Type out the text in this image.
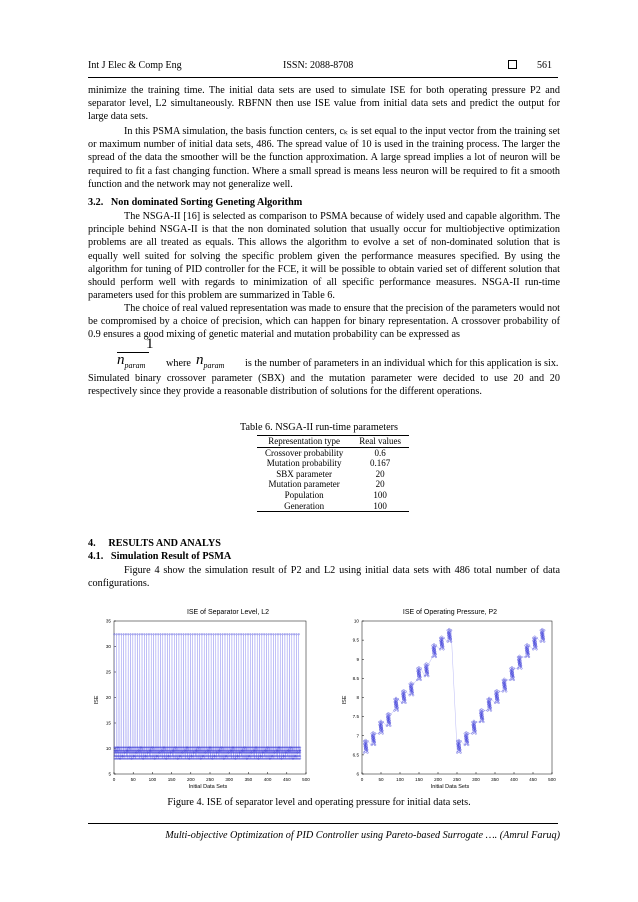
Int J Elec & Comp Eng	ISSN: 2088-8708	561

minimize the training time. The initial data sets are used to simulate ISE for both operating pressure P2 and separator level, L2 simultaneously. RBFNN then use ISE value from initial data sets and predict the output for large data sets.

In this PSMA simulation, the basis function centers, cₖ is set equal to the input vector from the training set or maximum number of initial data sets, 486. The spread value of 10 is used in the training process. The larger the spread of the data the smoother will be the function approximation. A large spread implies a lot of neuron will be required to fit a fast changing function. Where a small spread is means less neuron will be required to fit a smooth function and the network may not generalize well.

3.2.   Non dominated Sorting Geneting Algorithm

The NSGA-II [16] is selected as comparison to PSMA because of widely used and capable algorithm. The principle behind NSGA-II is that the non dominated solution that usually occur for multiobjective optimization problems are all treated as equals. This allows the algorithm to evolve a set of non-dominated solution that is equally well suited for solving the specific problem given the performance measures specified. By using the algorithm for tuning of PID controller for the FCE, it will be possible to obtain varied set of different solution that should perform well with regards to minimization of all specific performance measures. NSGA-II run-time parameters used for this problem are summarized in Table 6.

The choice of real valued representation was made to ensure that the precision of the parameters would not be compromised by a choice of precision, which can happen for binary representation. A crossover probability of 0.9 ensures a good mixing of genetic material and mutation probability can be expressed as

1
$n_{param}$ where $n_{param}$ is the number of parameters in an individual which for this application is six.

Simulated binary crossover parameter (SBX) and the mutation parameter were decided to use 20 and 20 respectively since they provide a reasonable distribution of solutions for the different operations.

Table 6. NSGA-II run-time parameters
Representation type	Real values
Crossover probability	0.6
Mutation probability	0.167
SBX parameter	20
Mutation parameter	20
Population	100
Generation	100

4.     RESULTS AND ANALYS

4.1.   Simulation Result of PSMA

Figure 4 show the simulation result of P2 and L2 using initial data sets with 486 total number of data configurations.

ISE of Separator Level, L2
Initial Data Sets
ISE
0	50	100	150	200	250	300	350	400	450	500
5
10
15
20
25
30
35
ISE of Operating Pressure, P2
Initial Data Sets
ISE
0	50	100 150 200 250 300 350 400 450 500
6
6.5
7
7.5
8
8.5
9
9.5
10
Figure 4. ISE of separator level and operating pressure for initial data sets.
Multi-objective Optimization of PID Controller using Pareto-based Surrogate …. (Amrul Faruq)
